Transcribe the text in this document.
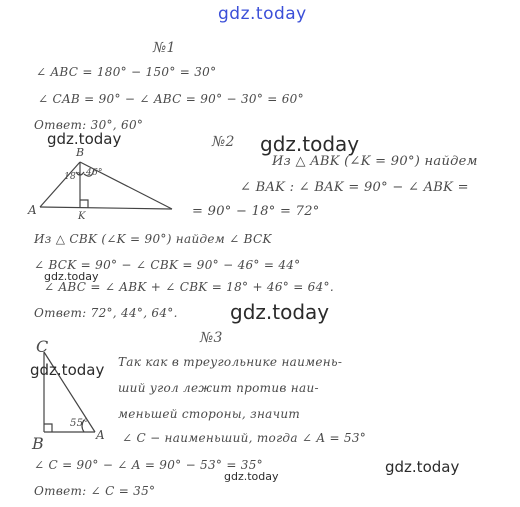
gdz.today
gdz.today	gdz.today
gdz.today
gdz.today
gdz.today
gdz.today
gdz.today
№1
∠ ABC = 180° − 150° = 30°
∠ CAB = 90° − ∠ ABC = 90° − 30° = 60°
Ответ: 30°, 60°
№2
Из △ ABK (∠K = 90°) найдем
∠ BAK : ∠ BAK = 90° − ∠ ABK =
= 90° − 18° = 72°
Из △ CBK (∠K = 90°) найдем ∠ BCK
∠ BCK = 90° − ∠ CBK = 90° − 46° = 44°
∠ ABC = ∠ ABK + ∠ CBK = 18° + 46° = 64°.
Ответ: 72°, 44°, 64°.
B
A	K
18° 46°
№3
Так как в треугольнике наимень-
ший угол лежит против наи-
меньшей стороны, значит
∠ C − наименьший, тогда ∠ A = 53°
∠ C = 90° − ∠ A = 90° − 53° = 35°
Ответ: ∠ C = 35°
C
B	A
55°
